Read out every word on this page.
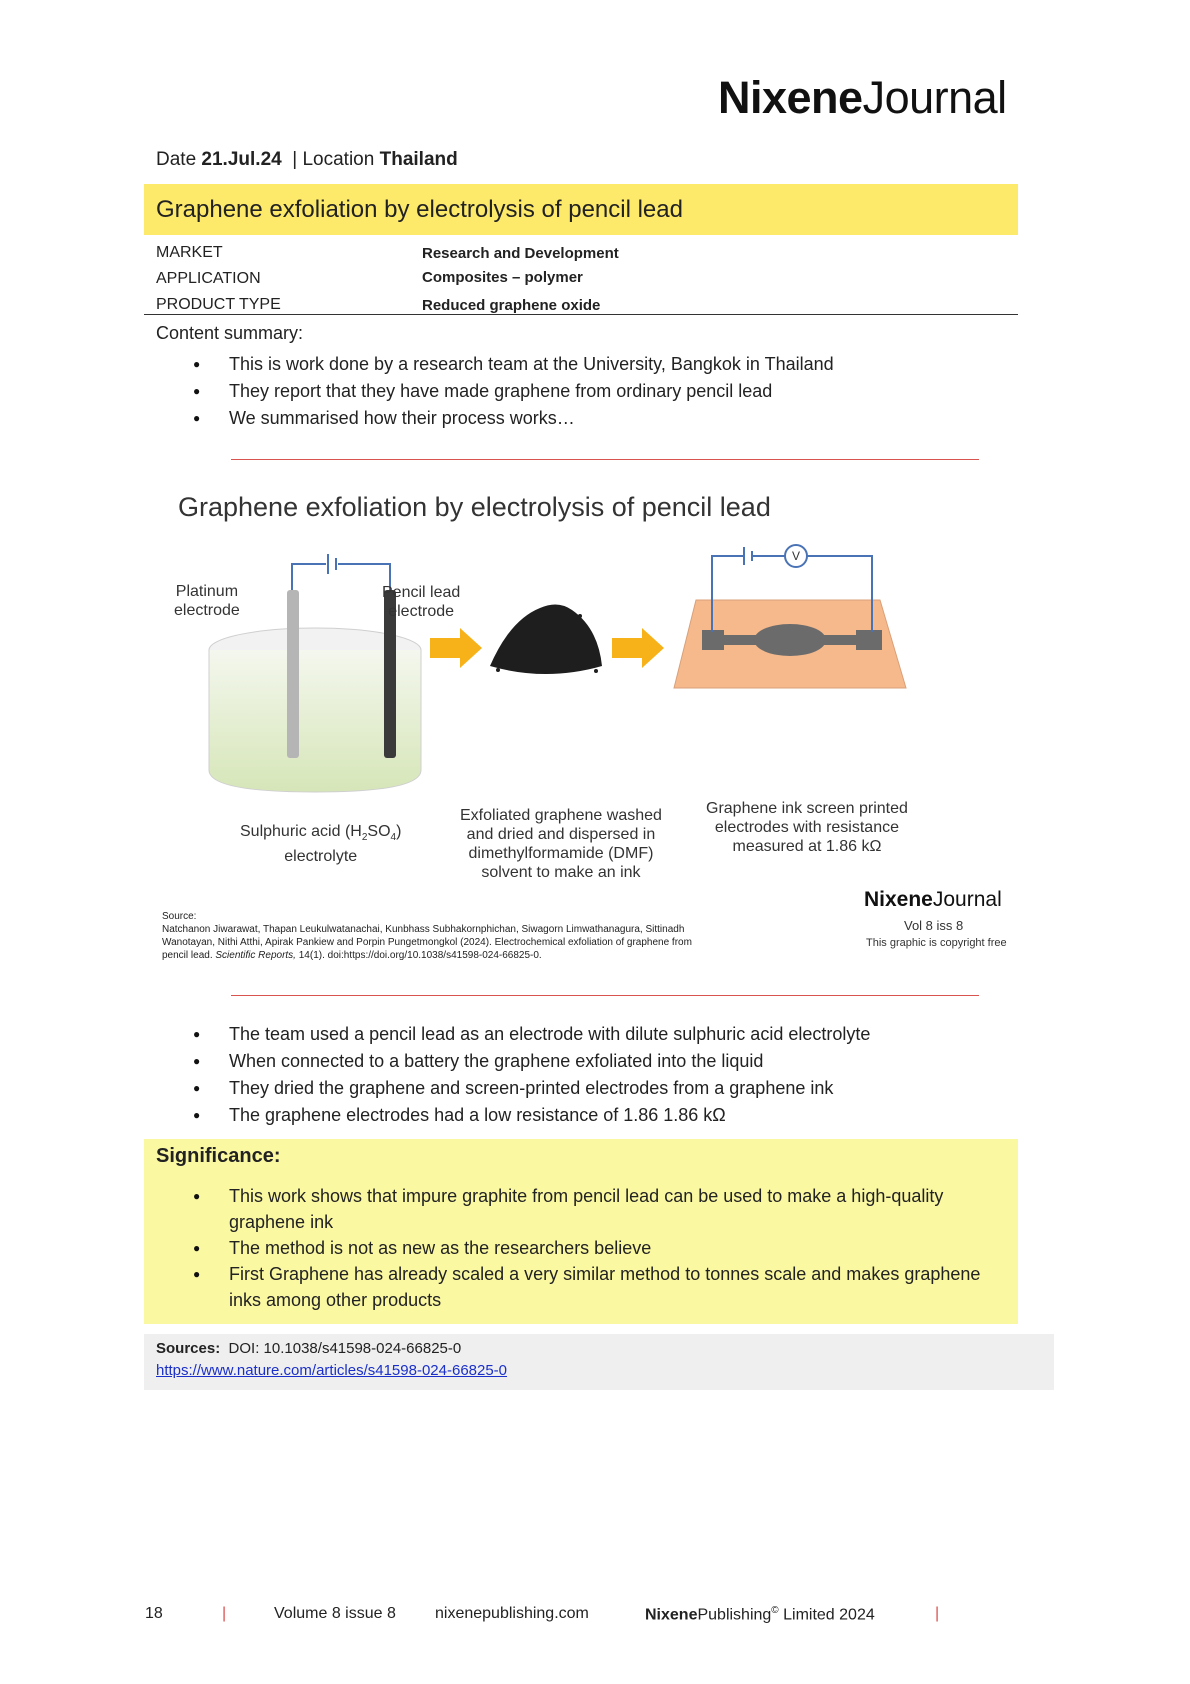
NixeneJournal
Date 21.Jul.24 | Location Thailand
Graphene exfoliation by electrolysis of pencil lead
MARKET	Research and Development
APPLICATION	Composites – polymer
PRODUCT TYPE	Reduced graphene oxide
Content summary:
● This is work done by a research team at the University, Bangkok in Thailand
● They report that they have made graphene from ordinary pencil lead
● We summarised how their process works…
Graphene exfoliation by electrolysis of pencil lead
V
Platinum
electrode
Pencil lead
electrode
Sulphuric acid $(H_2SO_4)$
electrolyte
Exfoliated graphene washed
and dried and dispersed in
dimethylformamide (DMF)
solvent to make an ink
Graphene ink screen printed
electrodes with resistance
measured at 1.86 kΩ
Source:
Natchanon Jiwarawat, Thapan Leukulwatanachai, Kunbhass Subhakornphichan, Siwagorn Limwathanagura, Sittinadh
Wanotayan, Nithi Atthi, Apirak Pankiew and Porpin Pungetmongkol (2024). Electrochemical exfoliation of graphene from
pencil lead. Scientific Reports, 14(1). doi:https://doi.org/10.1038/s41598-024-66825-0.
NixeneJournal
Vol 8 iss 8
This graphic is copyright free
● The team used a pencil lead as an electrode with dilute sulphuric acid electrolyte
● When connected to a battery the graphene exfoliated into the liquid
● They dried the graphene and screen-printed electrodes from a graphene ink
● The graphene electrodes had a low resistance of 1.86 1.86 kΩ
Significance:
● This work shows that impure graphite from pencil lead can be used to make a high-quality graphene ink
● The method is not as new as the researchers believe
● First Graphene has already scaled a very similar method to tonnes scale and makes graphene inks among other products
Sources: DOI: 10.1038/s41598-024-66825-0
https://www.nature.com/articles/s41598-024-66825-0
18	|	Volume 8 issue 8 nixenepublishing.com	NixenePublishing© Limited 2024	|
